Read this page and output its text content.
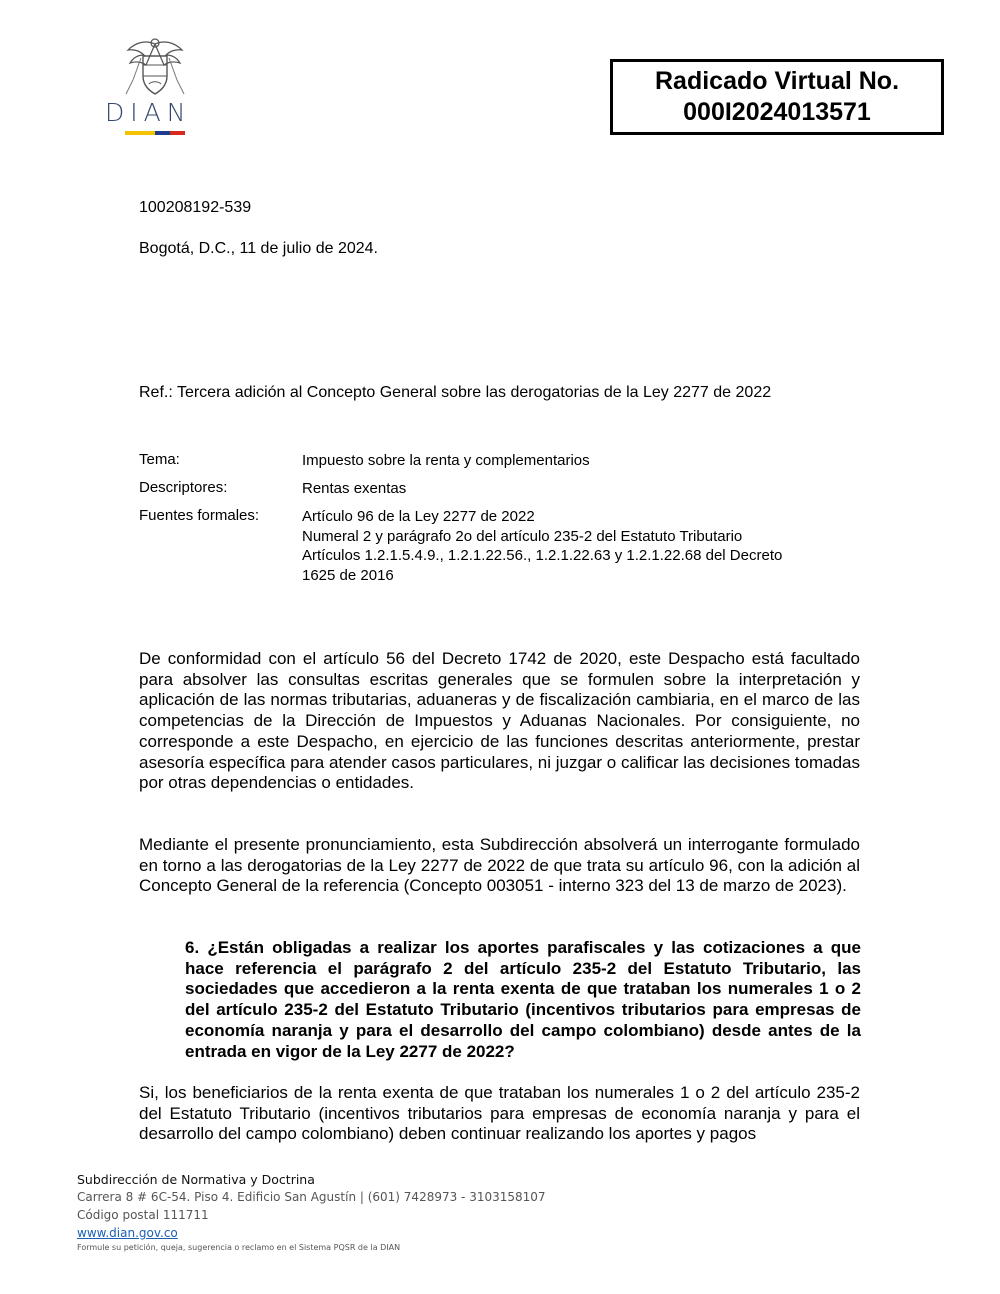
DIAN
Radicado Virtual No.
000I2024013571
100208192-539
Bogotá, D.C., 11 de julio de 2024.
Ref.: Tercera adición al Concepto General sobre las derogatorias de la Ley 2277 de 2022
Tema:	Impuesto sobre la renta y complementarios
Descriptores:	Rentas exentas
Fuentes formales:	Artículo 96 de la Ley 2277 de 2022
Numeral 2 y parágrafo 2o del artículo 235-2 del Estatuto Tributario
Artículos 1.2.1.5.4.9., 1.2.1.22.56., 1.2.1.22.63 y 1.2.1.22.68 del Decreto
1625 de 2016
De conformidad con el artículo 56 del Decreto 1742 de 2020, este Despacho está facultado para absolver las consultas escritas generales que se formulen sobre la interpretación y aplicación de las normas tributarias, aduaneras y de fiscalización cambiaria, en el marco de las competencias de la Dirección de Impuestos y Aduanas Nacionales. Por consiguiente, no corresponde a este Despacho, en ejercicio de las funciones descritas anteriormente, prestar asesoría específica para atender casos particulares, ni juzgar o calificar las decisiones tomadas por otras dependencias o entidades.
Mediante el presente pronunciamiento, esta Subdirección absolverá un interrogante formulado en torno a las derogatorias de la Ley 2277 de 2022 de que trata su artículo 96, con la adición al Concepto General de la referencia (Concepto 003051 - interno 323 del 13 de marzo de 2023).
6. ¿Están obligadas a realizar los aportes parafiscales y las cotizaciones a que hace referencia el parágrafo 2 del artículo 235-2 del Estatuto Tributario, las sociedades que accedieron a la renta exenta de que trataban los numerales 1 o 2 del artículo 235-2 del Estatuto Tributario (incentivos tributarios para empresas de economía naranja y para el desarrollo del campo colombiano) desde antes de la entrada en vigor de la Ley 2277 de 2022?
Si, los beneficiarios de la renta exenta de que trataban los numerales 1 o 2 del artículo 235-2 del Estatuto Tributario (incentivos tributarios para empresas de economía naranja y para el desarrollo del campo colombiano) deben continuar realizando los aportes y pagos
Subdirección de Normativa y Doctrina
Carrera 8 # 6C-54. Piso 4. Edificio San Agustín | (601) 7428973 - 3103158107
Código postal 111711
www.dian.gov.co
Formule su petición, queja, sugerencia o reclamo en el Sistema PQSR de la DIAN
